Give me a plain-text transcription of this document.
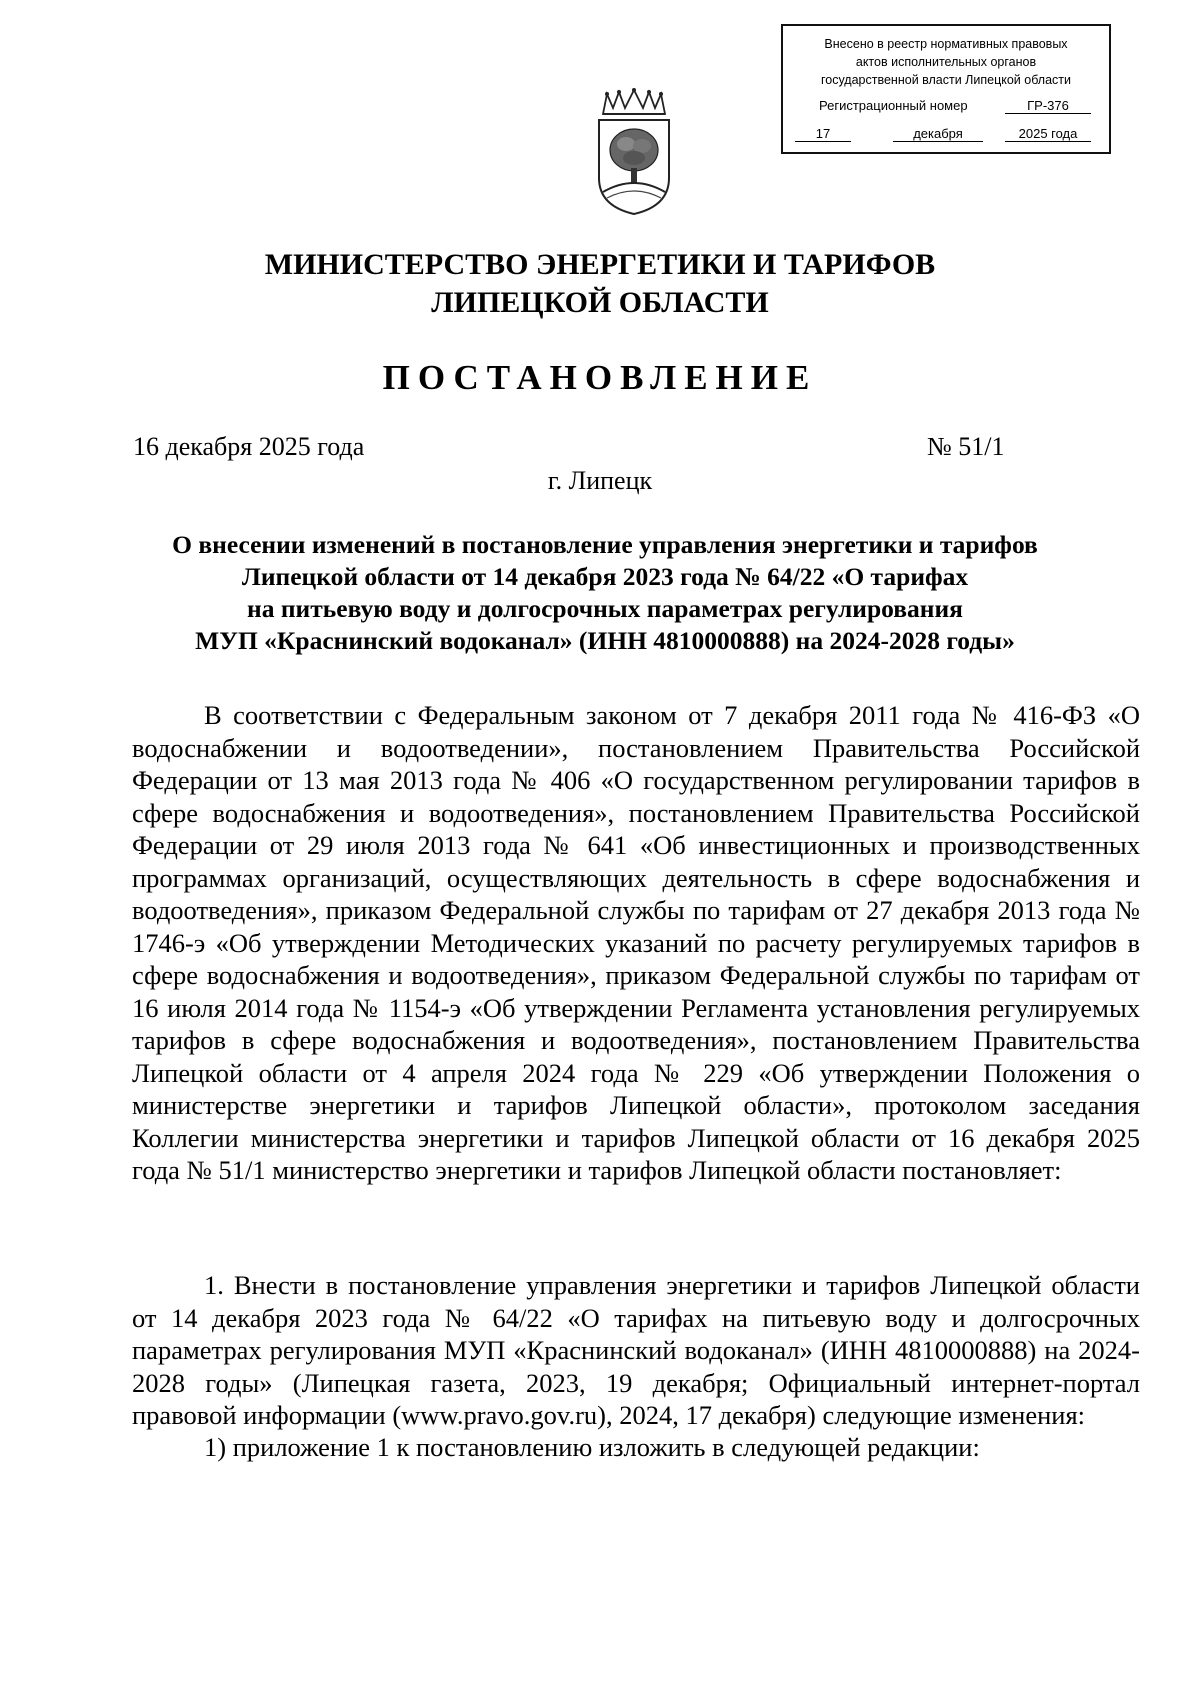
Внесено в реестр нормативных правовых
актов исполнительных органов
государственной власти Липецкой области
Регистрационный номер	ГР-376
17	декабря	2025 года
МИНИСТЕРСТВО ЭНЕРГЕТИКИ И ТАРИФОВ
ЛИПЕЦКОЙ ОБЛАСТИ
ПОСТАНОВЛЕНИЕ
16 декабря 2025 года	№ 51/1
г. Липецк
О внесении изменений в постановление управления энергетики и тарифов
Липецкой области от 14 декабря 2023 года № 64/22 «О тарифах
на питьевую воду и долгосрочных параметрах регулирования
МУП «Краснинский водоканал» (ИНН 4810000888) на 2024-2028 годы»
В соответствии с Федеральным законом от 7 декабря 2011 года № 416-ФЗ «О водоснабжении и водоотведении», постановлением Правительства Российской Федерации от 13 мая 2013 года № 406 «О государственном регулировании тарифов в сфере водоснабжения и водоотведения», постановлением Правительства Российской Федерации от 29 июля 2013 года № 641 «Об инвестиционных и производственных программах организаций, осуществляющих деятельность в сфере водоснабжения и водоотведения», приказом Федеральной службы по тарифам от 27 декабря 2013 года № 1746-э «Об утверждении Методических указаний по расчету регулируемых тарифов в сфере водоснабжения и водоотведения», приказом Федеральной службы по тарифам от 16 июля 2014 года № 1154-э «Об утверждении Регламента установления регулируемых тарифов в сфере водоснабжения и водоотведения», постановлением Правительства Липецкой области от 4 апреля 2024 года № 229 «Об утверждении Положения о министерстве энергетики и тарифов Липецкой области», протоколом заседания Коллегии министерства энергетики и тарифов Липецкой области от 16 декабря 2025 года № 51/1 министерство энергетики и тарифов Липецкой области постановляет:
1. Внести в постановление управления энергетики и тарифов Липецкой области от 14 декабря 2023 года № 64/22 «О тарифах на питьевую воду и долгосрочных параметрах регулирования МУП «Краснинский водоканал» (ИНН 4810000888) на 2024-2028 годы» (Липецкая газета, 2023, 19 декабря; Официальный интернет-портал правовой информации (www.pravo.gov.ru), 2024, 17 декабря) следующие изменения:
1) приложение 1 к постановлению изложить в следующей редакции:
